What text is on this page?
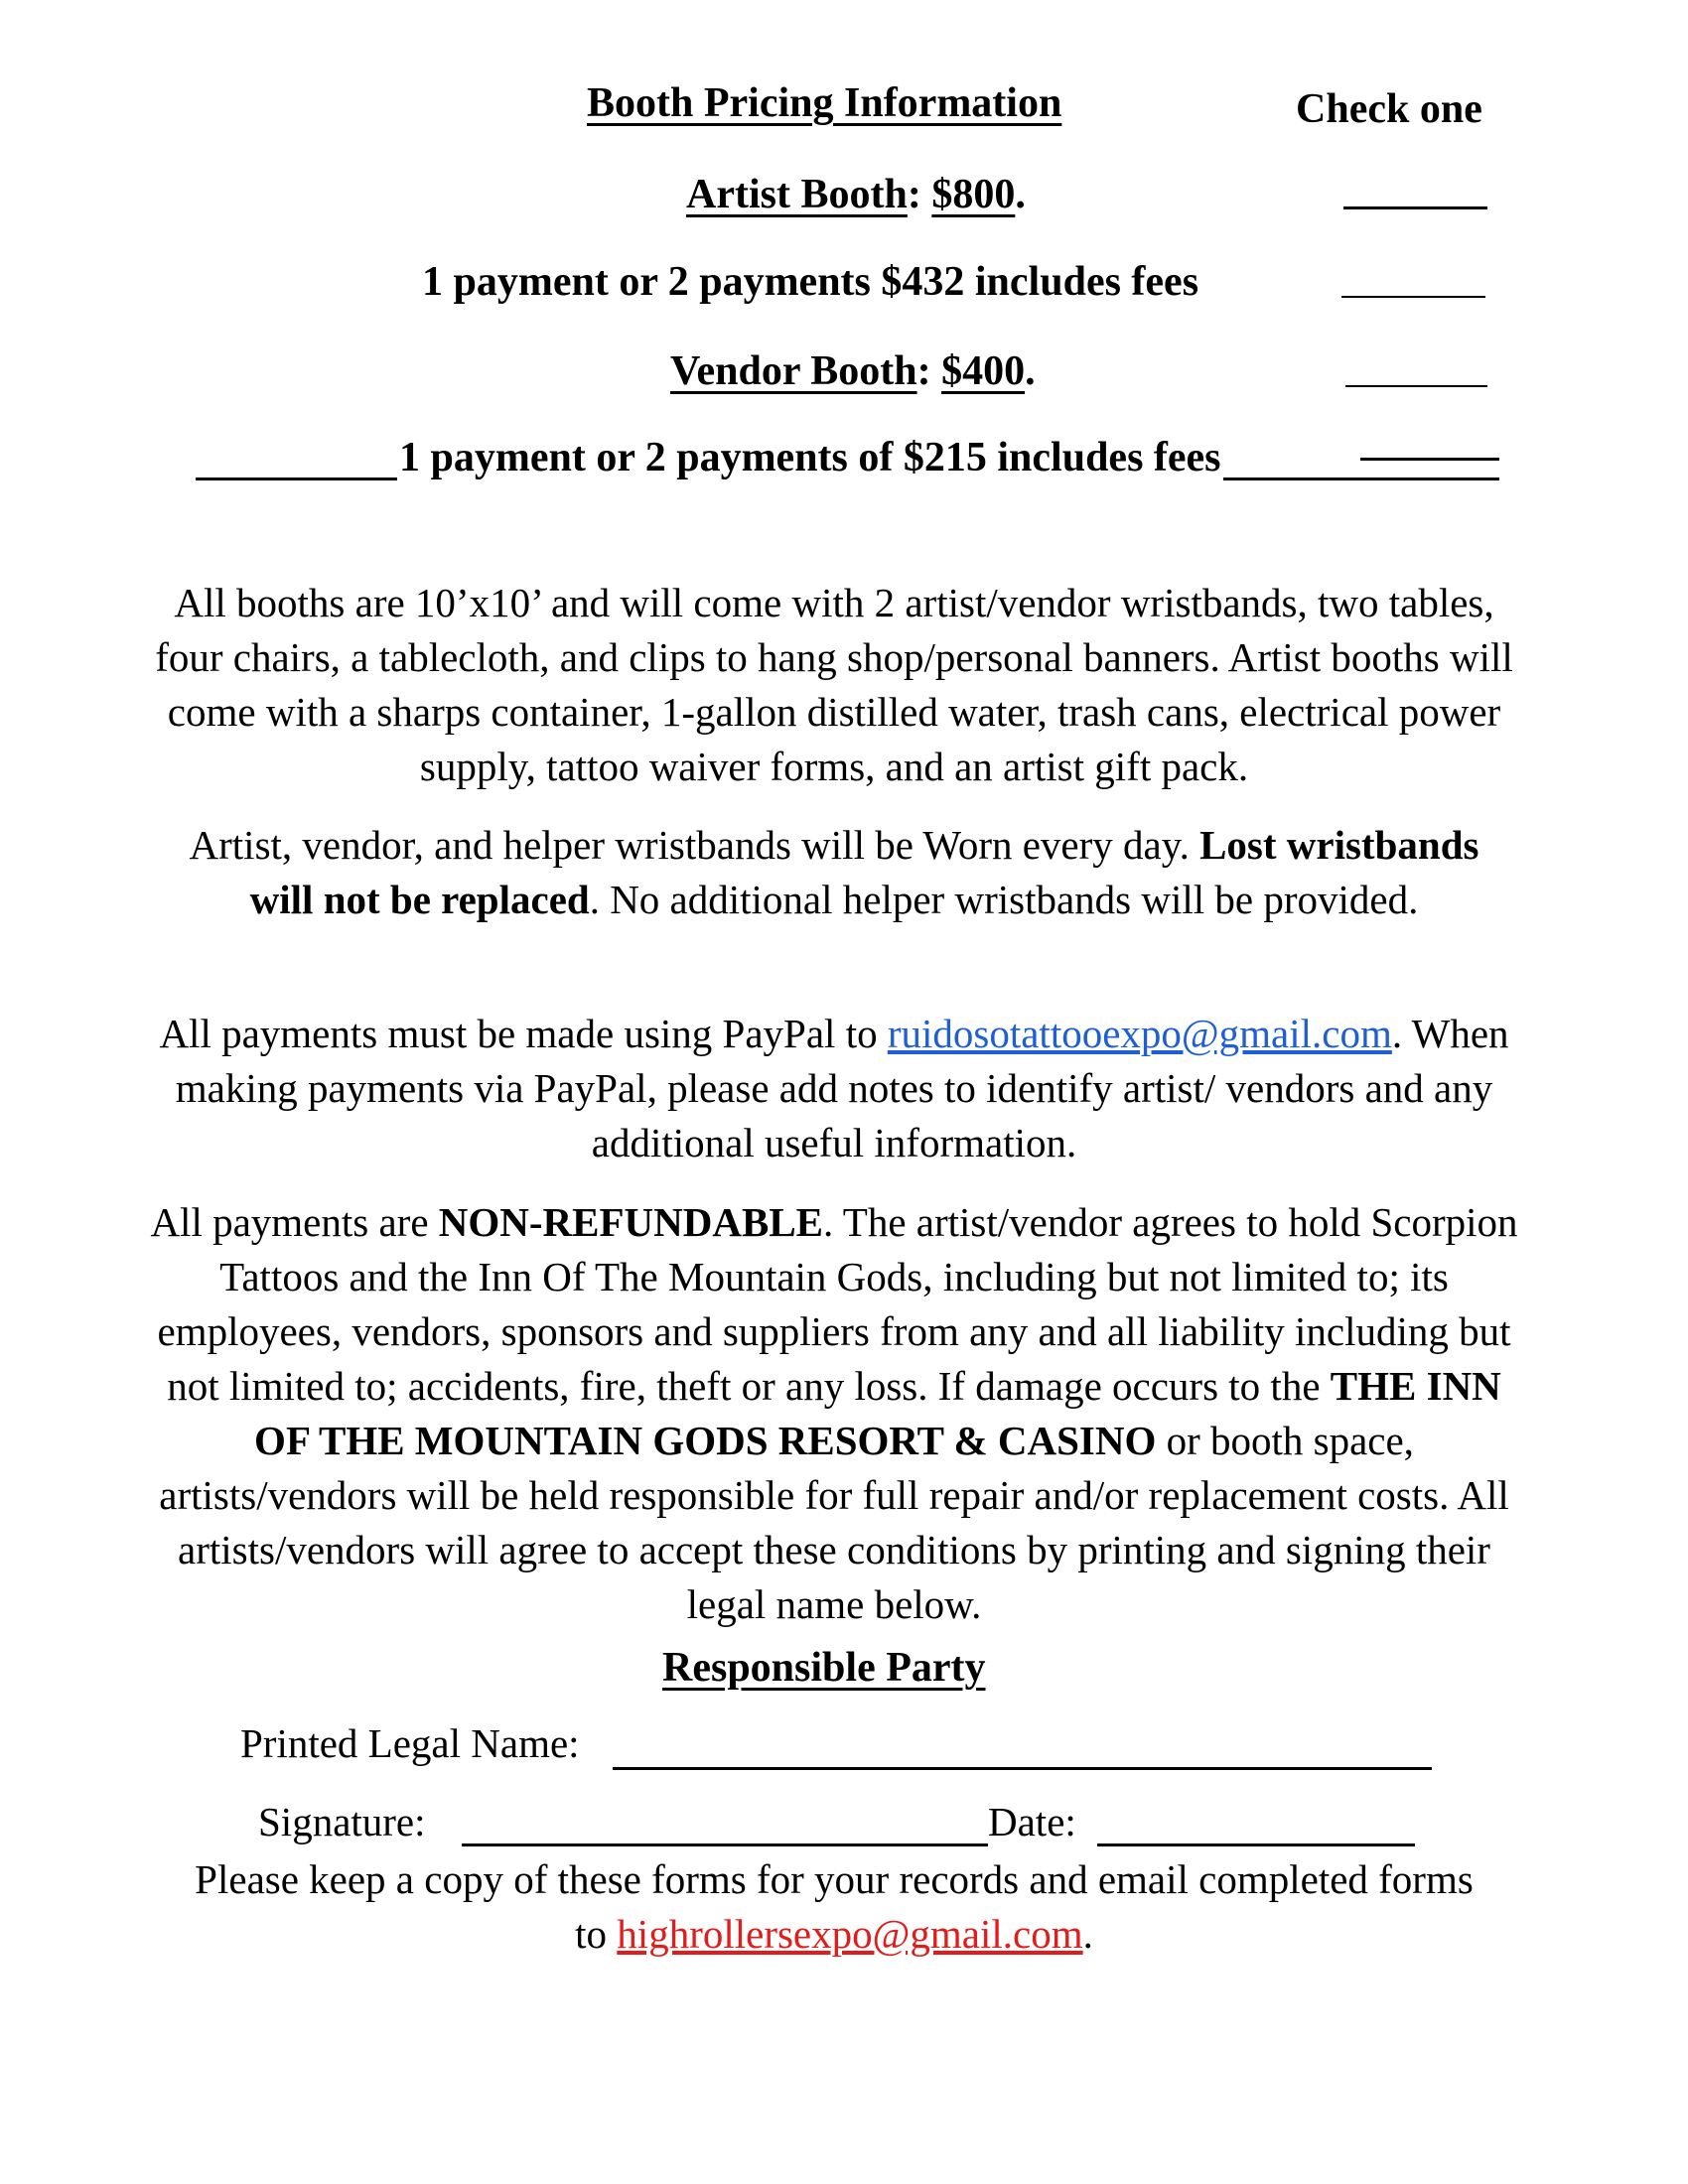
Booth Pricing Information	Check one
Artist Booth: $800.
1 payment or 2 payments $432 includes fees
Vendor Booth: $400.
1 payment or 2 payments of $215 includes fees
All booths are 10’x10’ and will come with 2 artist/vendor wristbands, two tables, four chairs, a tablecloth, and clips to hang shop/personal banners. Artist booths will come with a sharps container, 1-gallon distilled water, trash cans, electrical power supply, tattoo waiver forms, and an artist gift pack.
Artist, vendor, and helper wristbands will be Worn every day. Lost wristbands will not be replaced. No additional helper wristbands will be provided.
All payments must be made using PayPal to ruidosotattooexpo@gmail.com. When making payments via PayPal, please add notes to identify artist/ vendors and any additional useful information.
All payments are NON-REFUNDABLE. The artist/vendor agrees to hold Scorpion Tattoos and the Inn Of The Mountain Gods, including but not limited to; its employees, vendors, sponsors and suppliers from any and all liability including but not limited to; accidents, fire, theft or any loss. If damage occurs to the THE INN OF THE MOUNTAIN GODS RESORT & CASINO or booth space, artists/vendors will be held responsible for full repair and/or replacement costs. All artists/vendors will agree to accept these conditions by printing and signing their legal name below.
Responsible Party
Printed Legal Name:
Signature:	Date:
Please keep a copy of these forms for your records and email completed forms to highrollersexpo@gmail.com.
